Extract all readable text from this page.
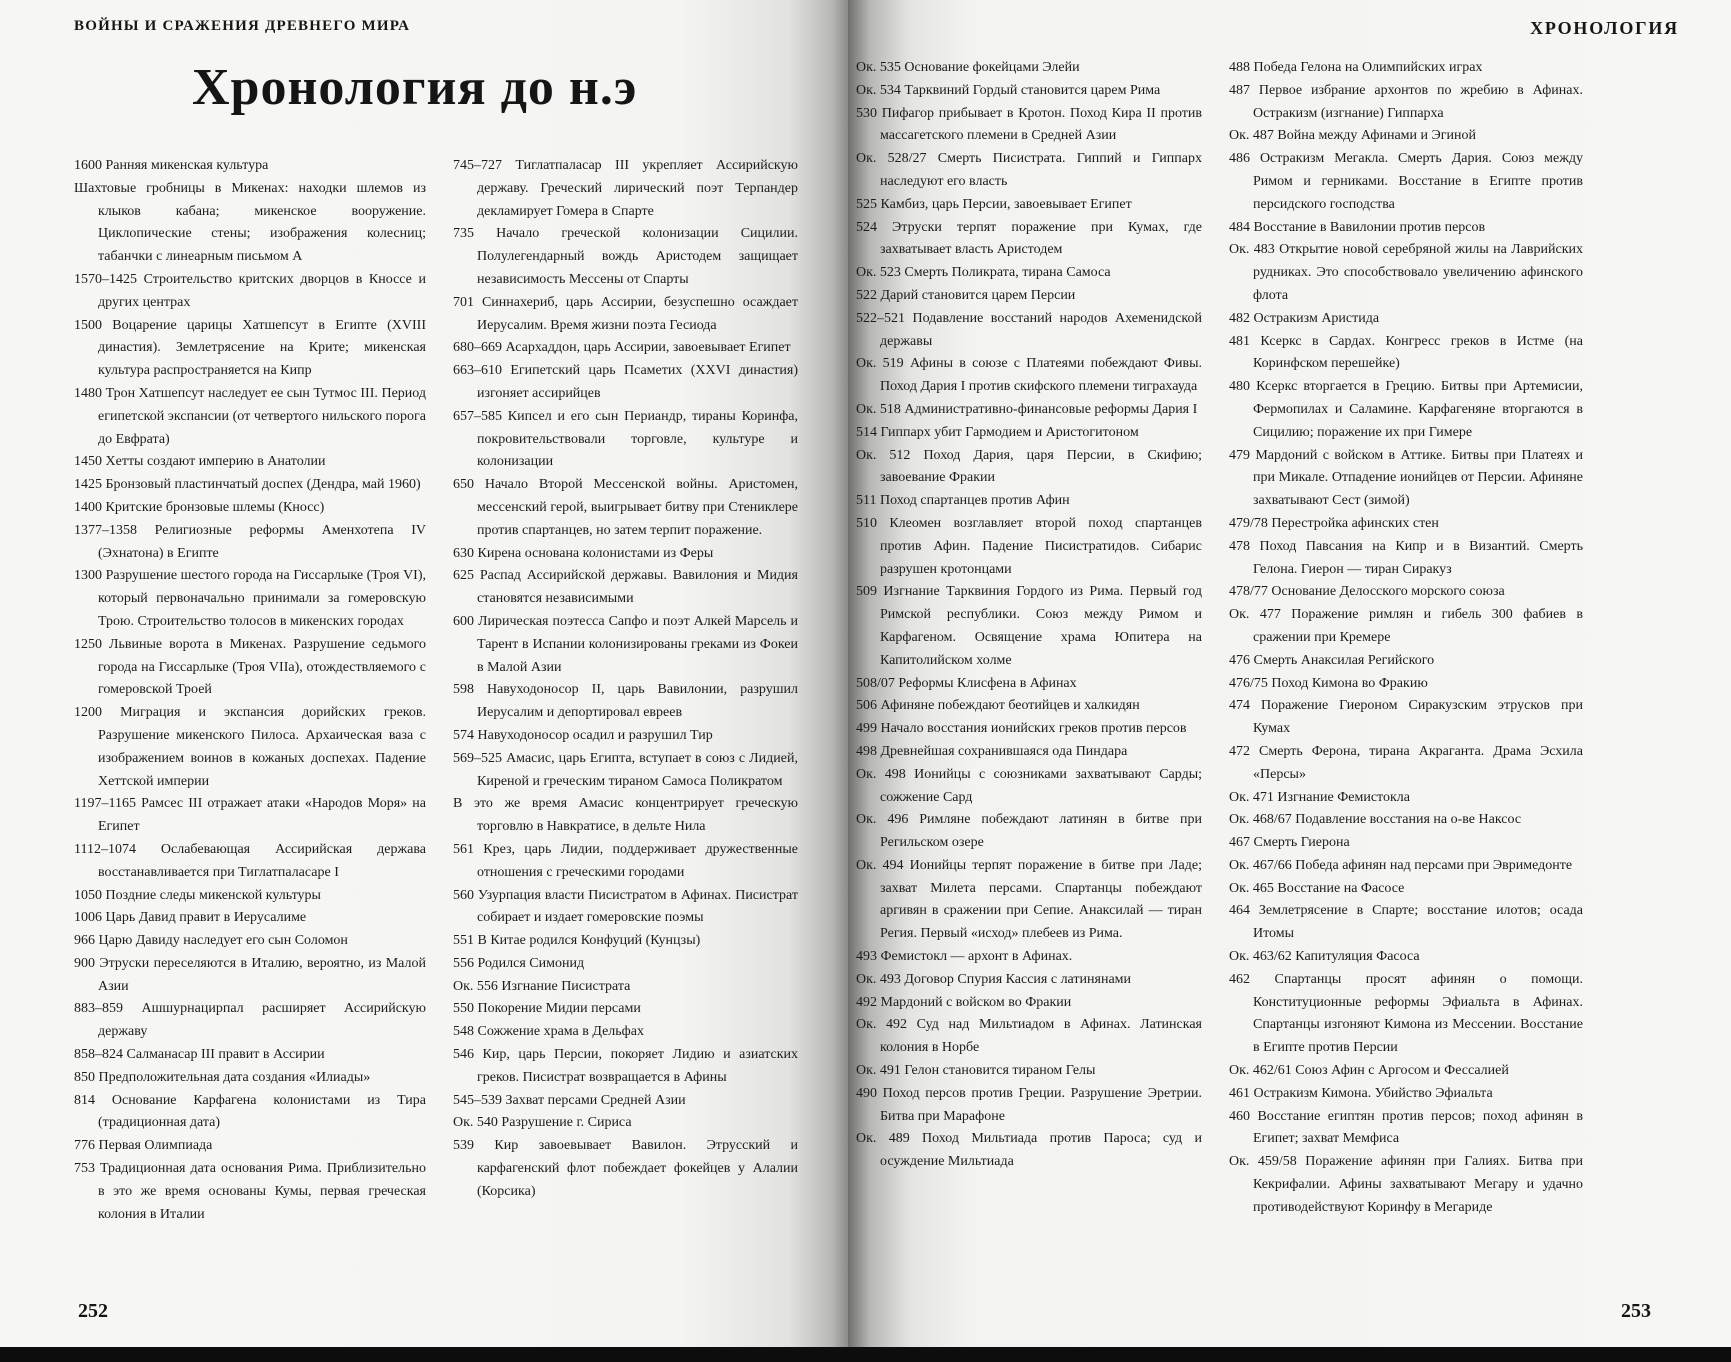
ВОЙНЫ И СРАЖЕНИЯ ДРЕВНЕГО МИРА
Хронология до н.э
1600 Ранняя микенская культура
Шахтовые гробницы в Микенах: находки шлемов из клыков кабана; микенское вооружение. Циклопические стены; изображения колесниц; табанчки с линеарным письмом А
1570–1425 Строительство критских дворцов в Кноссе и других центрах
1500 Воцарение царицы Хатшепсут в Египте (XVIII династия). Землетрясение на Крите; микенская культура распространяется на Кипр
1480 Трон Хатшепсут наследует ее сын Тутмос III. Период египетской экспансии (от четвертого нильского порога до Евфрата)
1450 Хетты создают империю в Анатолии
1425 Бронзовый пластинчатый доспех (Дендра, май 1960)
1400 Критские бронзовые шлемы (Кносс)
1377–1358 Религиозные реформы Аменхотепа IV (Эхнатона) в Египте
1300 Разрушение шестого города на Гиссарлыке (Троя VI), который первоначально принимали за гомеровскую Трою. Строительство толосов в микенских городах
1250 Львиные ворота в Микенах. Разрушение седьмого города на Гиссарлыке (Троя VIIa), отождествляемого с гомеровской Троей
1200 Миграция и экспансия дорийских греков. Разрушение микенского Пилоса. Архаическая ваза с изображением воинов в кожаных доспехах. Падение Хеттской империи
1197–1165 Рамсес III отражает атаки «Народов Моря» на Египет
1112–1074 Ослабевающая Ассирийская держава восстанавливается при Тиглатпаласаре I
1050 Поздние следы микенской культуры
1006 Царь Давид правит в Иерусалиме
966 Царю Давиду наследует его сын Соломон
900 Этруски переселяются в Италию, вероятно, из Малой Азии
883–859 Ашшурнацирпал расширяет Ассирийскую державу
858–824 Салманасар III правит в Ассирии
850 Предположительная дата создания «Илиады»
814 Основание Карфагена колонистами из Тира (традиционная дата)
776 Первая Олимпиада
753 Традиционная дата основания Рима. Приблизительно в это же время основаны Кумы, первая греческая колония в Италии
745–727 Тиглатпаласар III укрепляет Ассирийскую державу. Греческий лирический поэт Терпандер декламирует Гомера в Спарте
735 Начало греческой колонизации Сицилии. Полулегендарный вождь Аристодем защищает независимость Мессены от Спарты
701 Синнахериб, царь Ассирии, безуспешно осаждает Иерусалим. Время жизни поэта Гесиода
680–669 Асархаддон, царь Ассирии, завоевывает Египет
663–610 Египетский царь Псаметих (XXVI династия) изгоняет ассирийцев
657–585 Кипсел и его сын Периандр, тираны Коринфа, покровительствовали торговле, культуре и колонизации
650 Начало Второй Мессенской войны. Аристомен, мессенский герой, выигрывает битву при Стениклере против спартанцев, но затем терпит поражение.
630 Кирена основана колонистами из Феры
625 Распад Ассирийской державы. Вавилония и Мидия становятся независимыми
600 Лирическая поэтесса Сапфо и поэт Алкей Марсель и Тарент в Испании колонизированы греками из Фокеи в Малой Азии
598 Навуходоносор II, царь Вавилонии, разрушил Иерусалим и депортировал евреев
574 Навуходоносор осадил и разрушил Тир
569–525 Амасис, царь Египта, вступает в союз с Лидией, Киреной и греческим тираном Самоса Поликратом
В это же время Амасис концентрирует греческую торговлю в Навкратисе, в дельте Нила
561 Крез, царь Лидии, поддерживает дружественные отношения с греческими городами
560 Узурпация власти Писистратом в Афинах. Писистрат собирает и издает гомеровские поэмы
551 В Китае родился Конфуций (Кунцзы)
556 Родился Симонид
Ок. 556 Изгнание Писистрата
550 Покорение Мидии персами
548 Сожжение храма в Дельфах
546 Кир, царь Персии, покоряет Лидию и азиатских греков. Писистрат возвращается в Афины
545–539 Захват персами Средней Азии
Ок. 540 Разрушение г. Сириса
539 Кир завоевывает Вавилон. Этрусский и карфагенский флот побеждает фокейцев у Алалии (Корсика)
252
ХРОНОЛОГИЯ
253
Ок. 535 Основание фокейцами Элейи
Ок. 534 Тарквиний Гордый становится царем Рима
530 Пифагор прибывает в Кротон. Поход Кира II против массагетского племени в Средней Азии
Ок. 528/27 Смерть Писистрата. Гиппий и Гиппарх наследуют его власть
525 Камбиз, царь Персии, завоевывает Египет
524 Этруски терпят поражение при Кумах, где захватывает власть Аристодем
Ок. 523 Смерть Поликрата, тирана Самоса
522 Дарий становится царем Персии
522–521 Подавление восстаний народов Ахеменидской державы
Ок. 519 Афины в союзе с Платеями побеждают Фивы. Поход Дария I против скифского племени тиграхауда
Ок. 518 Административно-финансовые реформы Дария I
514 Гиппарх убит Гармодием и Аристогитоном
Ок. 512 Поход Дария, царя Персии, в Скифию; завоевание Фракии
511 Поход спартанцев против Афин
510 Клеомен возглавляет второй поход спартанцев против Афин. Падение Писистратидов. Сибарис разрушен кротонцами
509 Изгнание Тарквиния Гордого из Рима. Первый год Римской республики. Союз между Римом и Карфагеном. Освящение храма Юпитера на Капитолийском холме
508/07 Реформы Клисфена в Афинах
506 Афиняне побеждают беотийцев и халкидян
499 Начало восстания ионийских греков против персов
498 Древнейшая сохранившаяся ода Пиндара
Ок. 498 Ионийцы с союзниками захватывают Сарды; сожжение Сард
Ок. 496 Римляне побеждают латинян в битве при Регильском озере
Ок. 494 Ионийцы терпят поражение в битве при Ладе; захват Милета персами. Спартанцы побеждают аргивян в сражении при Сепие. Анаксилай — тиран Регия. Первый «исход» плебеев из Рима.
493 Фемистокл — архонт в Афинах.
Ок. 493 Договор Спурия Кассия с латинянами
492 Мардоний с войском во Фракии
Ок. 492 Суд над Мильтиадом в Афинах. Латинская колония в Норбе
Ок. 491 Гелон становится тираном Гелы
490 Поход персов против Греции. Разрушение Эретрии. Битва при Марафоне
Ок. 489 Поход Мильтиада против Пароса; суд и осуждение Мильтиада
488 Победа Гелона на Олимпийских играх
487 Первое избрание архонтов по жребию в Афинах. Остракизм (изгнание) Гиппарха
Ок. 487 Война между Афинами и Эгиной
486 Остракизм Мегакла. Смерть Дария. Союз между Римом и герниками. Восстание в Египте против персидского господства
484 Восстание в Вавилонии против персов
Ок. 483 Открытие новой серебряной жилы на Лаврийских рудниках. Это способствовало увеличению афинского флота
482 Остракизм Аристида
481 Ксеркс в Сардах. Конгресс греков в Истме (на Коринфском перешейке)
480 Ксеркс вторгается в Грецию. Битвы при Артемисии, Фермопилах и Саламине. Карфагеняне вторгаются в Сицилию; поражение их при Гимере
479 Мардоний с войском в Аттике. Битвы при Платеях и при Микале. Отпадение ионийцев от Персии. Афиняне захватывают Сест (зимой)
479/78 Перестройка афинских стен
478 Поход Павсания на Кипр и в Византий. Смерть Гелона. Гиерон — тиран Сиракуз
478/77 Основание Делосского морского союза
Ок. 477 Поражение римлян и гибель 300 фабиев в сражении при Кремере
476 Смерть Анаксилая Регийского
476/75 Поход Кимона во Фракию
474 Поражение Гиероном Сиракузским этрусков при Кумах
472 Смерть Ферона, тирана Акраганта. Драма Эсхила «Персы»
Ок. 471 Изгнание Фемистокла
Ок. 468/67 Подавление восстания на о-ве Наксос
467 Смерть Гиерона
Ок. 467/66 Победа афинян над персами при Эвримедонте
Ок. 465 Восстание на Фасосе
464 Землетрясение в Спарте; восстание илотов; осада Итомы
Ок. 463/62 Капитуляция Фасоса
462 Спартанцы просят афинян о помощи. Конституционные реформы Эфиальта в Афинах. Спартанцы изгоняют Кимона из Мессении. Восстание в Египте против Персии
Ок. 462/61 Союз Афин с Аргосом и Фессалией
461 Остракизм Кимона. Убийство Эфиальта
460 Восстание египтян против персов; поход афинян в Египет; захват Мемфиса
Ок. 459/58 Поражение афинян при Галиях. Битва при Кекрифалии. Афины захватывают Мегару и удачно противодействуют Коринфу в Мегариде
